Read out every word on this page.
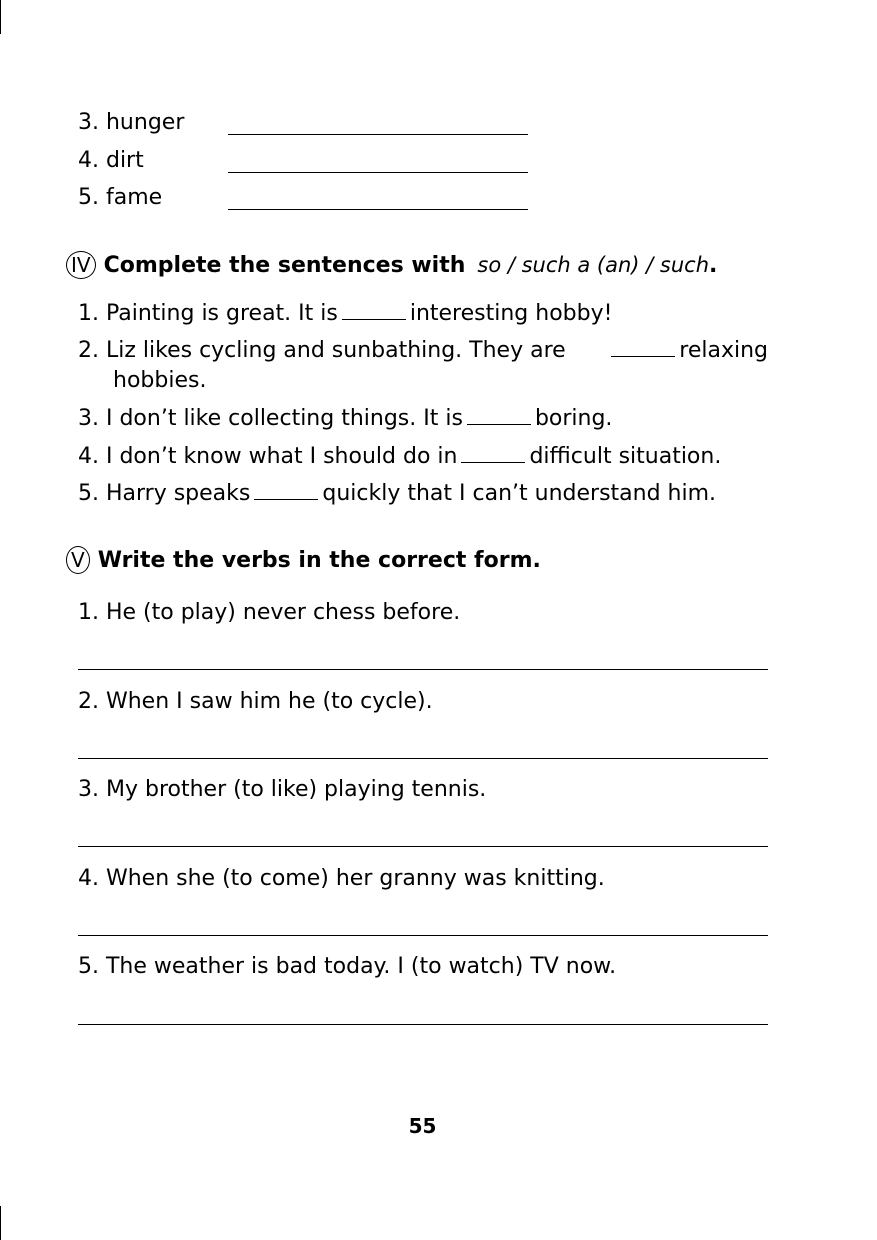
3. hunger
4. dirt
5. fame
IV Complete the sentences with so / such a (an) / such .
1. Painting is great. It is	interesting hobby!
2. Liz likes cycling and sunbathing. They are	relaxing
hobbies.
3. I don’t like collecting things. It is	boring.
4. I don’t know what I should do in	difficult situation.
5. Harry speaks	quickly that I can’t understand him.
V Write the verbs in the correct form.
1. He (to play) never chess before.
2. When I saw him he (to cycle).
3. My brother (to like) playing tennis.
4. When she (to come) her granny was knitting.
5. The weather is bad today. I (to watch) TV now.
55
